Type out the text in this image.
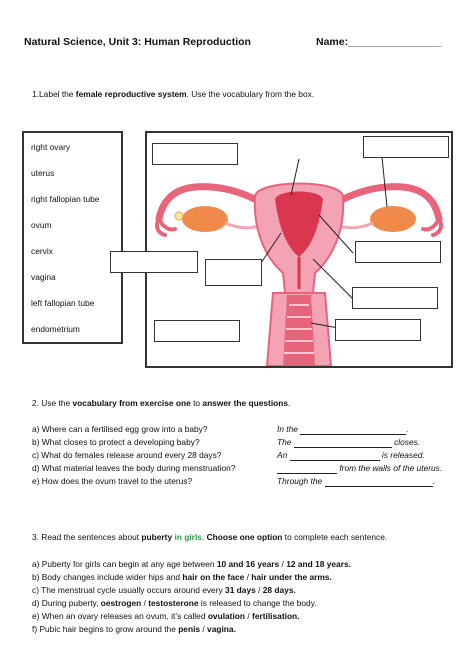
Natural Science, Unit 3: Human Reproduction	Name:________________
1.Label the female reproductive system. Use the vocabulary from the box.
right ovary
uterus
right fallopian tube
ovum
cervix
vagina
left fallopian tube
endometrium
2. Use the vocabulary from exercise one to answer the questions.
a) Where can a fertilised egg grow into a baby?	In the	.
b) What closes to protect a developing baby?	The	closes.
c) What do females release around every 28 days?	An	is released.
d) What material leaves the body during menstruation?	from the walls of the uterus.
e) How does the ovum travel to the uterus?	Through the	.
3. Read the sentences about puberty in girls. Choose one option to complete each sentence.
a) Puberty for girls can begin at any age between 10 and 16 years / 12 and 18 years.
b) Body changes include wider hips and hair on the face / hair under the arms.
c) The menstrual cycle usually occurs around every 31 days / 28 days.
d) During puberty, oestrogen / testosterone is released to change the body.
e) When an ovary releases an ovum, it’s called ovulation / fertilisation.
f) Pubic hair begins to grow around the penis / vagina.
